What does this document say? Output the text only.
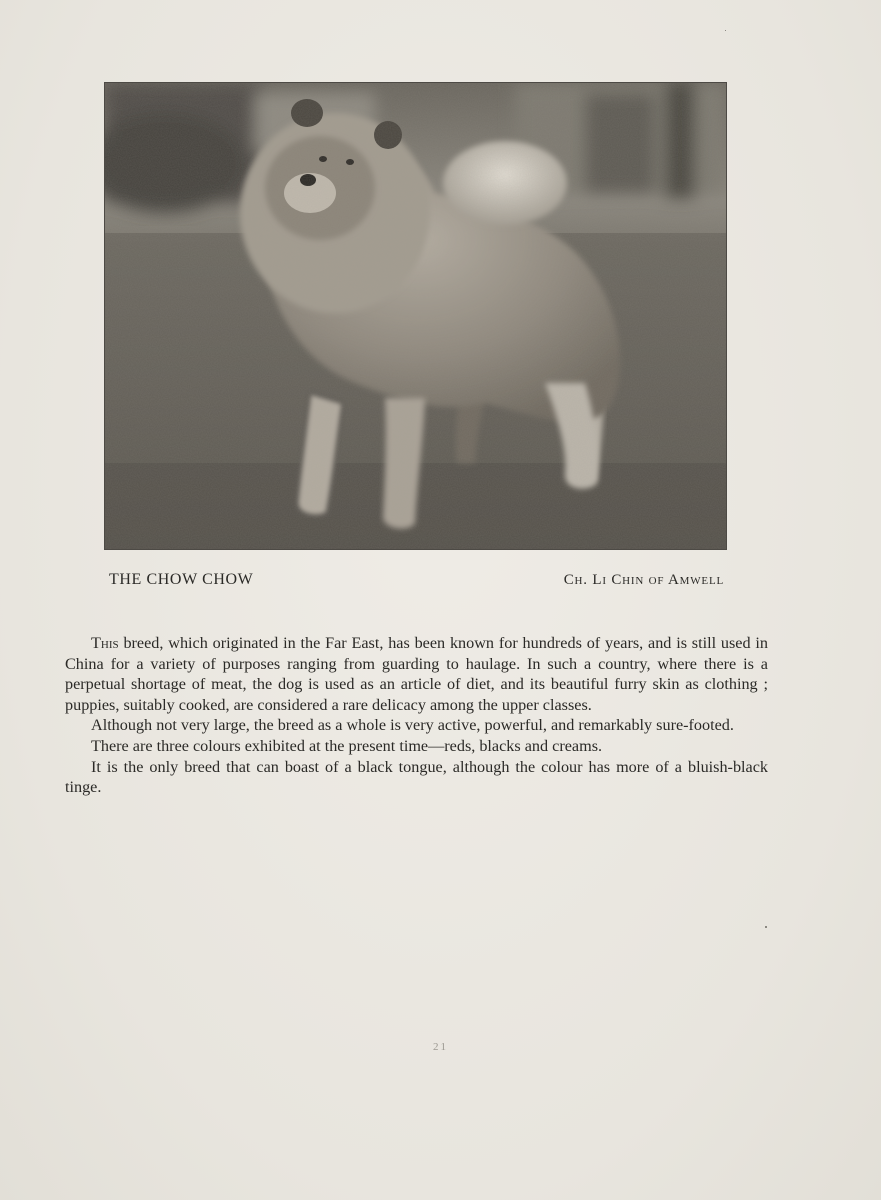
THE CHOW CHOW	Ch. Li Chin of Amwell

This breed, which originated in the Far East, has been known for hundreds of years, and is still used in China for a variety of purposes ranging from guarding to haulage. In such a country, where there is a perpetual shortage of meat, the dog is used as an article of diet, and its beautiful furry skin as clothing ; puppies, suitably cooked, are considered a rare delicacy among the upper classes.

Although not very large, the breed as a whole is very active, powerful, and remarkably sure-footed.

There are three colours exhibited at the present time—reds, blacks and creams.

It is the only breed that can boast of a black tongue, although the colour has more of a bluish-black tinge.

21
